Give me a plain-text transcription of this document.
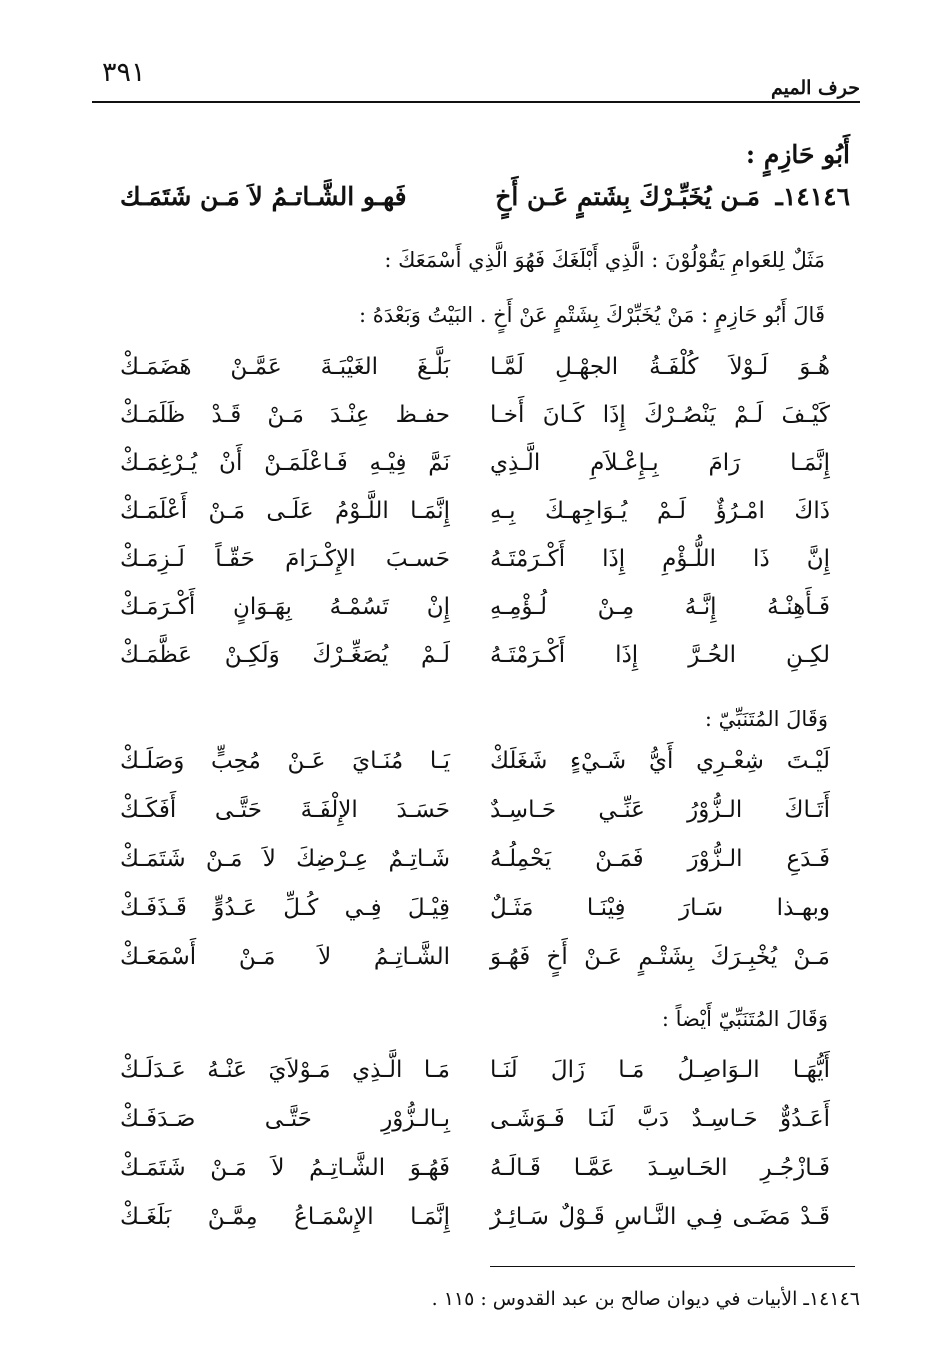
٣٩١	حرف الميم
أَبُو حَازِمٍ :
١٤١٤٦ـ
مَـن يُخَبِّـرْكَ بِشَتمٍ عَـن أَخٍ
فَهـو الشَّـاتـمُ لاَ مَـن شَتَمَـك
مَثَلٌ لِلعَوامِ يَقُوْلُوْنَ : الَّذِي أَبْلَغَكَ فَهُوَ الَّذِي أَسْمَعَكَ :
قَالَ أَبُو حَازِمٍ : مَنْ يُخَبِّرْكَ بِشَتْمٍ عَنْ أَخٍ . البَيْتُ وَبَعْدَهُ :
هُـوَ لَـوْلاَ كُلْفَـةُ الجهْـلِ لَمَّـا
بَلَّـغَ الغَيْبَـةَ عَمَّـنْ هَضَمَـكْ
كَيْـفَ لَـمْ يَنْصُـرْكَ إِذَا كَـانَ أَخـا
حفـظ عِنْـدَ مَـنْ قَـدْ ظَلَمَـكْ
إِنَّمَـا رَامَ بِـإِعْـلاَمِ الَّـذِي
نَمَّ فِيْـهِ فَـاعْلَمَـنْ أَنْ يُـرْغِمَـكْ
ذَاكَ امْـرُؤٌ لَـمْ يُـوَاجِهـكَ بِـهِ
إِنَّمَـا اللَّـوْمُ عَلَـى مَـنْ أَعْلَمَـكْ
إِنَّ ذَا اللُّـؤْمِ إِذَا أَكْـرَمْتَـهُ
حَسـبَ الإِكْـرَامَ حَقّـاً لَـزِمَـكْ
فَـأَهِنْـهُ إِنَّـهُ مِـنْ لُـؤْمِـهِ
إِنْ تَسُمْـهُ بِهَـوَانٍ أَكْـرَمَـكْ
لكِـنِ الحُـرَّ إِذَا أَكْـرَمْتَـهُ
لَـمْ يُصَغِّـرْكَ وَلَكِـنْ عَظَّمَـكْ
وَقَالَ المُتَنَبِّيّ :
لَيْـتَ شِعْـرِي أَيُّ شَـيْءٍ شَغَلَكْ
يَـا مُنَـايَ عَـنْ مُحِبٍّ وَصَلَـكْ
أَتَـاكَ الـزُّوْرُ عَنِّـي حَـاسِـدٌ
حَسَـدَ الإِلْفَـةَ حَتَّـى أَفَكَـكْ
فَـدَعِ الـزُّوْرَ فَمَـنْ يَحْمِلُـهُ
شَـاتِـمٌ عِـرْضِكَ لاَ مَـنْ شَتَمَـكْ
وبهـذا سَـارَ فِيْنَـا مَثَـلٌ
قِيْـلَ فِـي كُـلِّ عَـدُوٍّ قَـذَفَـكْ
مَـنْ يُخْبِـرَكَ بِشَتْـمٍ عَـنْ أَخٍ فَهُـوَ
الشَّـاتِـمُ لاَ مَـنْ أَسْمَعَـكْ
وَقَالَ المُتَنَبِّيّ أَيْضاً :
أَيُّهَـا الـوَاصِـلُ مَـا زَالَ لَنَـا
مَـا الَّـذِي مَـوْلاَيَ عَنْـهُ عَـدَلَـكْ
أَعَـدُوٌّ حَـاسِـدٌ دَبَّ لَنَـا فَـوَشَـى
بِـالـزُّوْرِ حَتَّـى صَـدَفَـكْ
فَـازْجُـرِ الحَـاسِـدَ عَمَّـا قَـالَـهُ
فَهُـوَ الشَّـاتِـمُ لاَ مَـنْ شَتَمَـكْ
قَـدْ مَضَـى فِـي النَّـاسِ قَـوْلٌ سَـائِـرٌ
إِنَّمَـا الإِسْمَـاعُ مِمَّـنْ بَلَغَـكْ
١٤١٤٦ـ الأبيات في ديوان صالح بن عبد القدوس : ١١٥ .
